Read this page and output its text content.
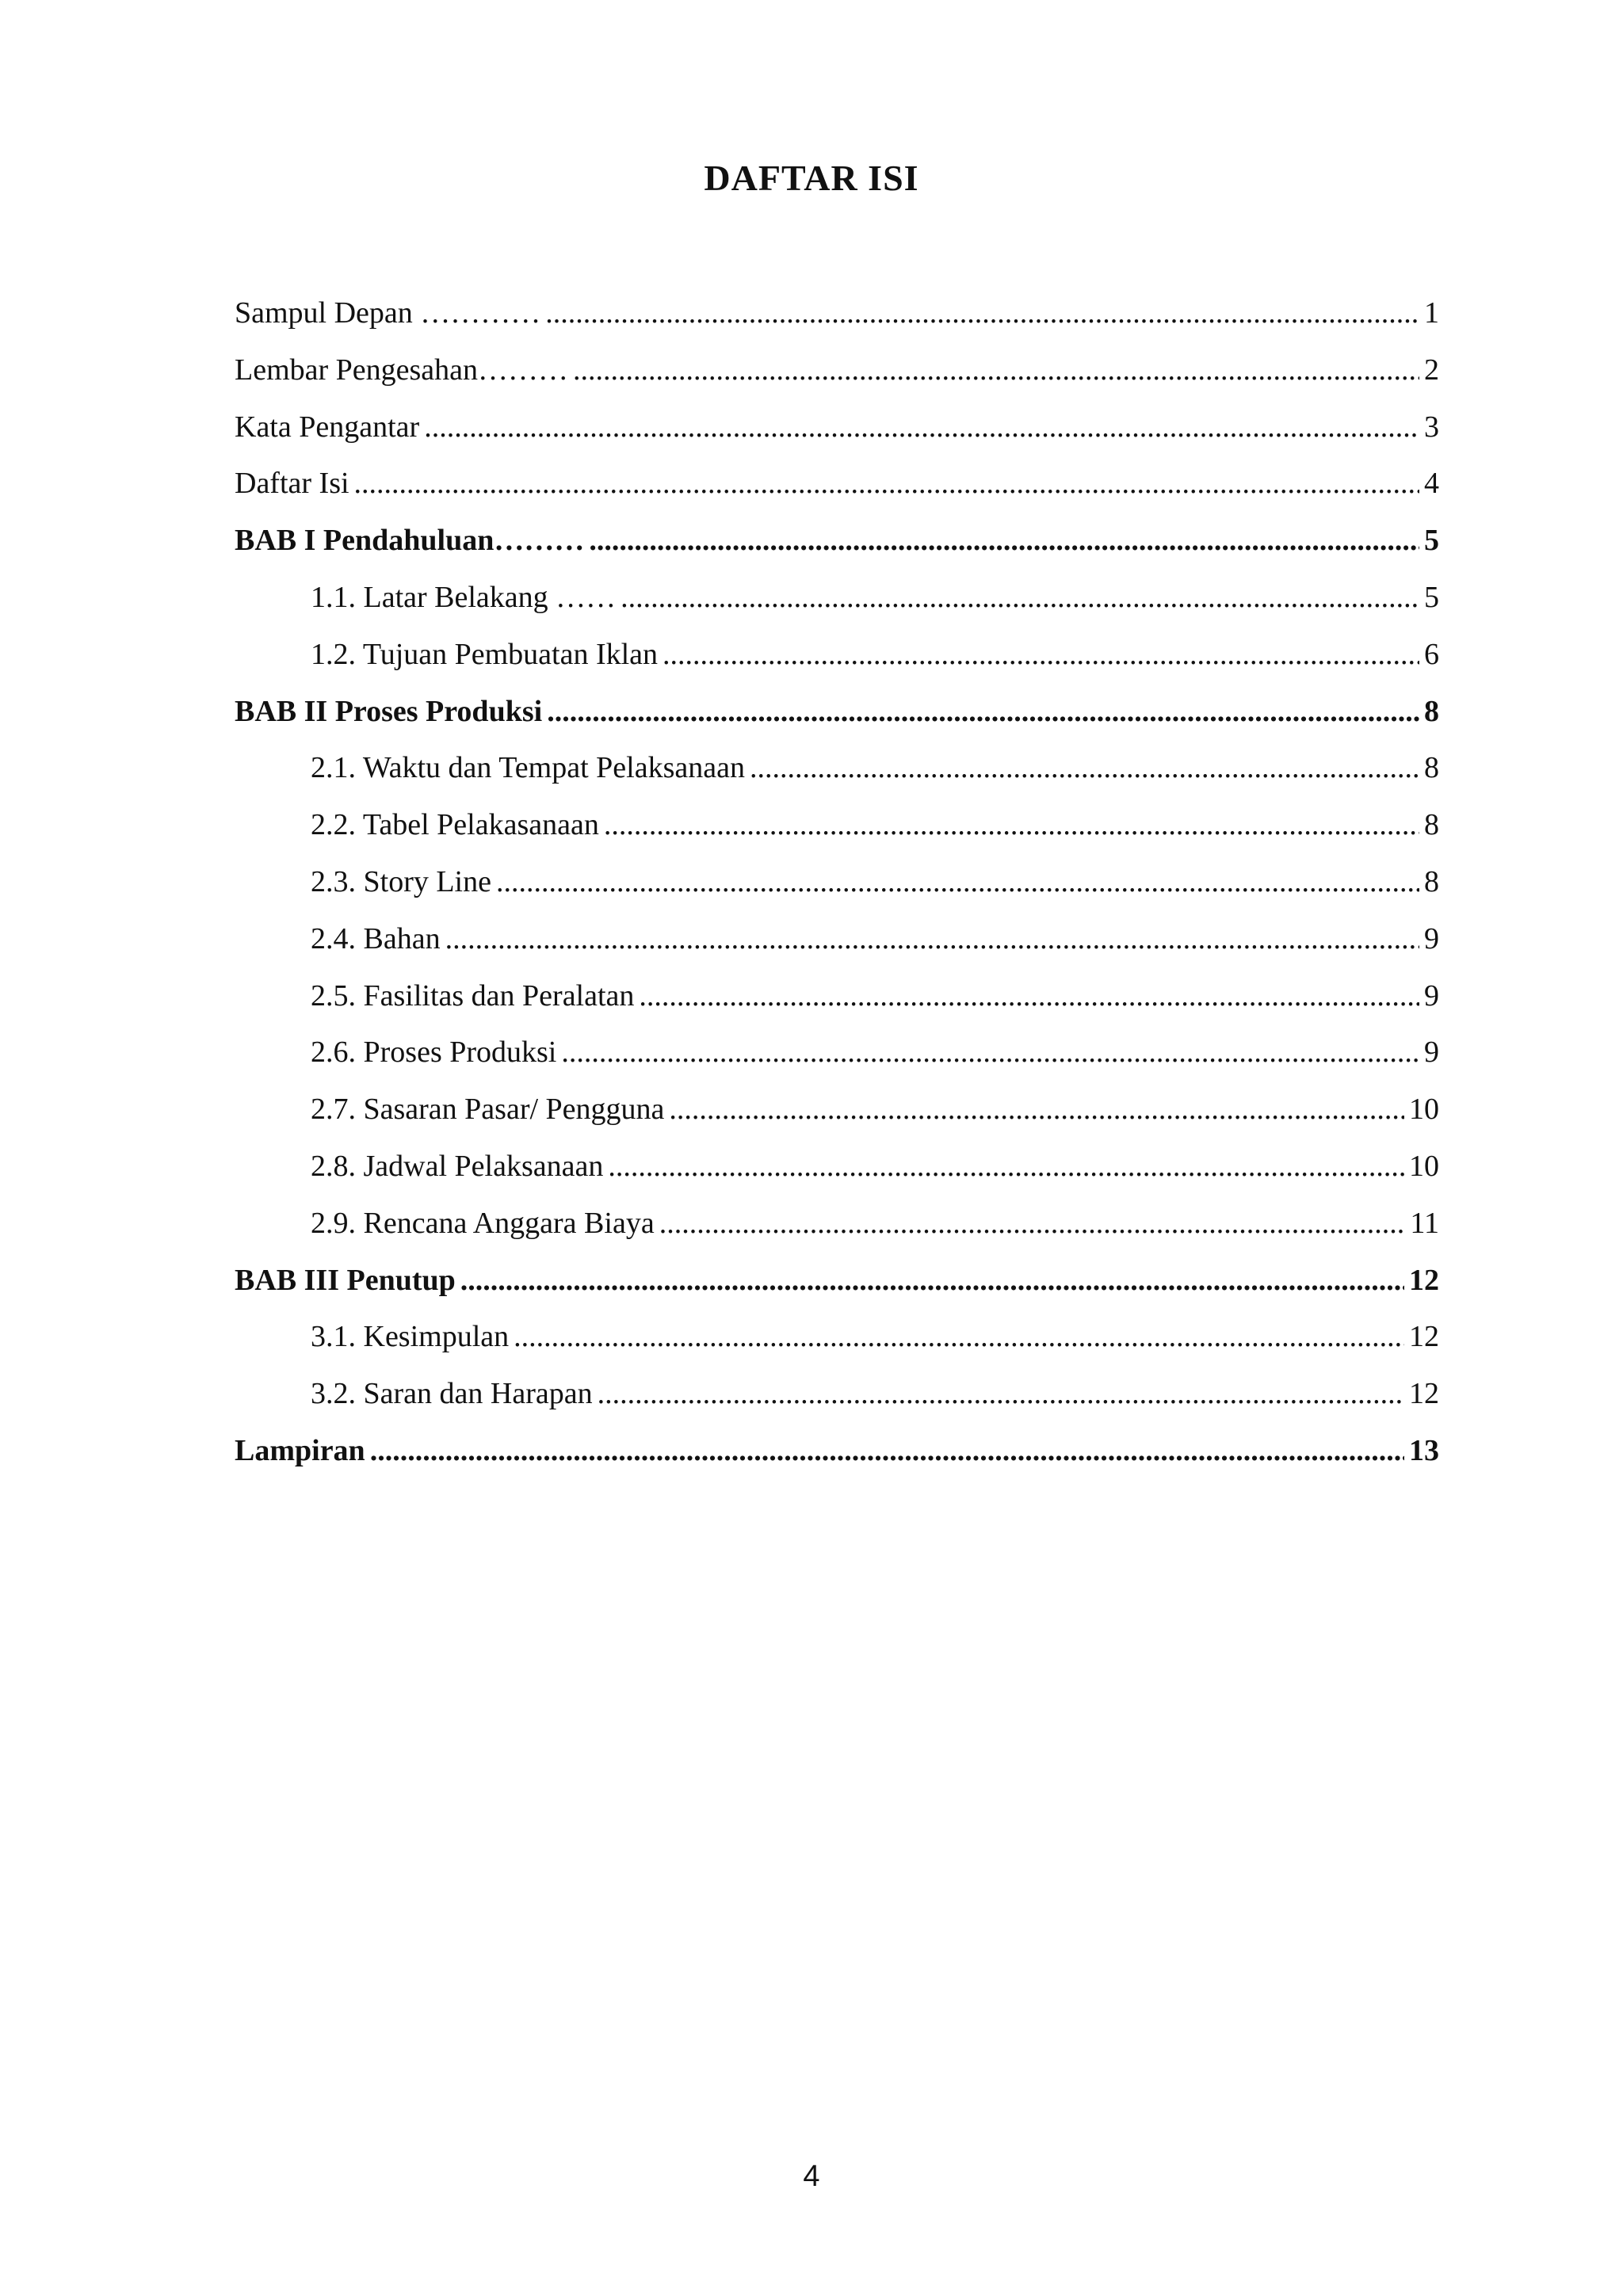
DAFTAR ISI
Sampul Depan ………… .....	1
Lembar Pengesahan……… .....	2
Kata Pengantar .....	3
Daftar Isi .....	4
BAB I Pendahuluan……… .....	5
1.1. Latar Belakang …… .....	5
1.2. Tujuan Pembuatan Iklan .....	6
BAB II Proses Produksi .....	8
2.1. Waktu dan Tempat Pelaksanaan .....	8
2.2. Tabel Pelakasanaan .....	8
2.3. Story Line .....	8
2.4. Bahan .....	9
2.5. Fasilitas dan Peralatan .....	9
2.6. Proses Produksi .....	9
2.7. Sasaran Pasar/ Pengguna .....	10
2.8. Jadwal Pelaksanaan .....	10
2.9. Rencana Anggara Biaya .....	11
BAB III Penutup .....	12
3.1. Kesimpulan .....	12
3.2. Saran dan Harapan .....	12
Lampiran .....	13
4
